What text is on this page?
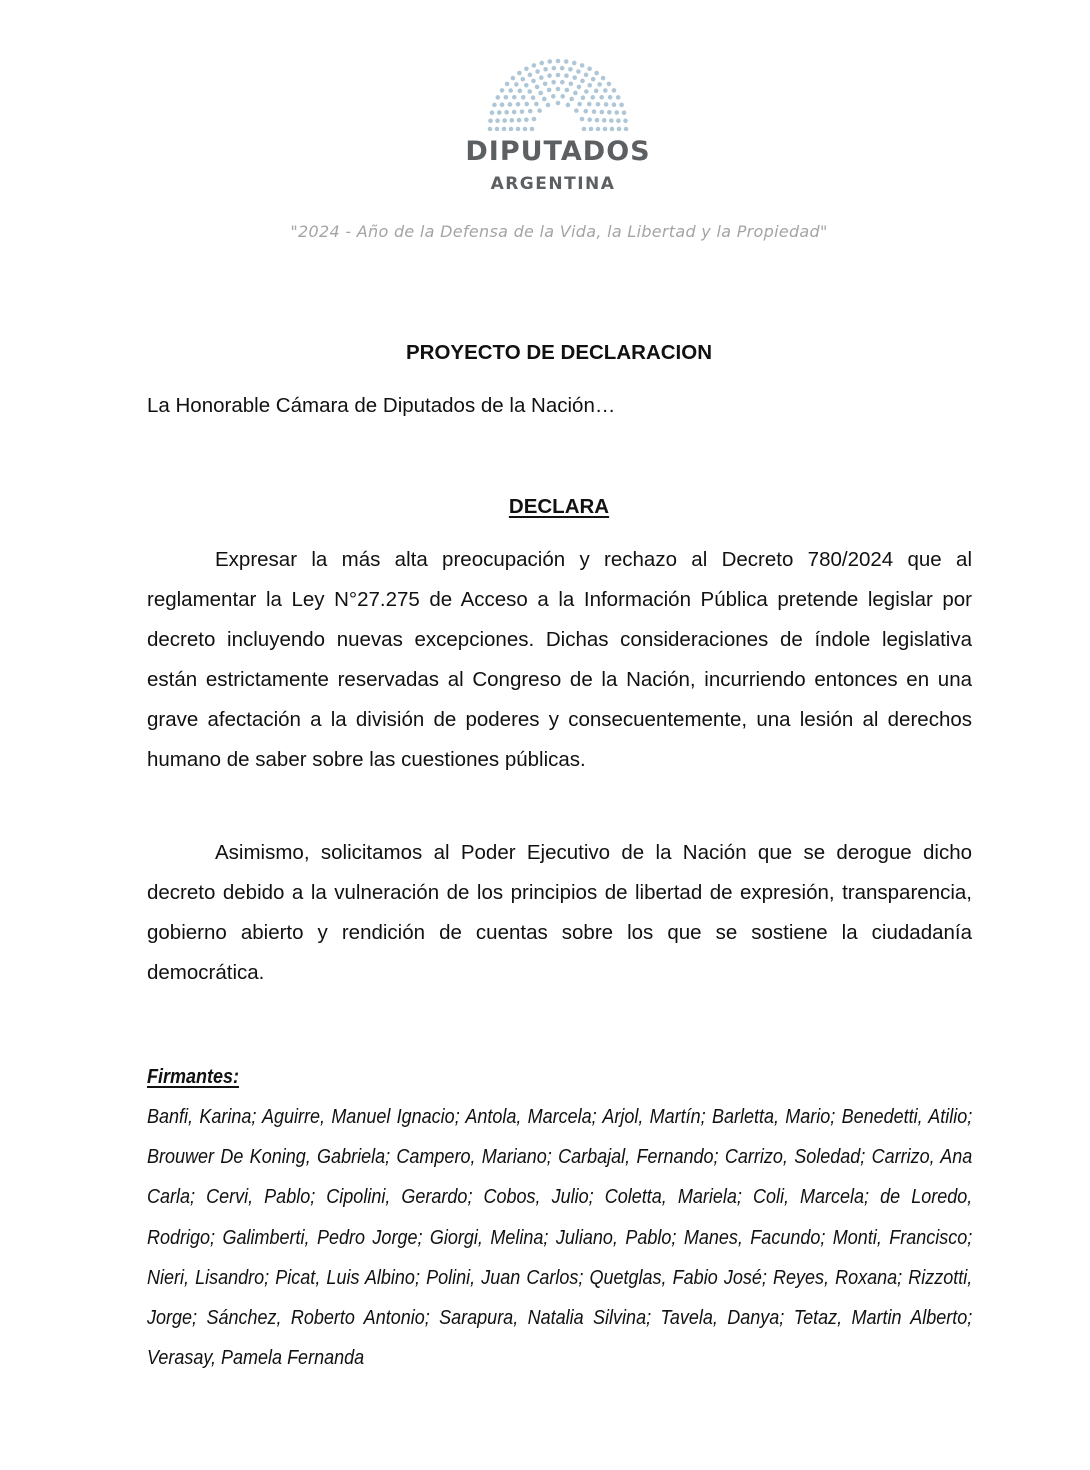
DIPUTADOS
ARGENTINA
"2024 - Año de la Defensa de la Vida, la Libertad y la Propiedad"
PROYECTO DE DECLARACION
La Honorable Cámara de Diputados de la Nación…
DECLARA

Expresar la más alta preocupación y rechazo al Decreto 780/2024 que al reglamentar la Ley N°27.275 de Acceso a la Información Pública pretende legislar por decreto incluyendo nuevas excepciones. Dichas consideraciones de índole legislativa están estrictamente reservadas al Congreso de la Nación, incurriendo entonces en una grave afectación a la división de poderes y consecuentemente, una lesión al derechos humano de saber sobre las cuestiones públicas.

Asimismo, solicitamos al Poder Ejecutivo de la Nación que se derogue dicho decreto debido a la vulneración de los principios de libertad de expresión, transparencia, gobierno abierto y rendición de cuentas sobre los que se sostiene la ciudadanía democrática.

Firmantes:

Banfi, Karina; Aguirre, Manuel Ignacio; Antola, Marcela; Arjol, Martín; Barletta, Mario; Benedetti, Atilio; Brouwer De Koning, Gabriela; Campero, Mariano; Carbajal, Fernando; Carrizo, Soledad; Carrizo, Ana Carla; Cervi, Pablo; Cipolini, Gerardo; Cobos, Julio; Coletta, Mariela; Coli, Marcela; de Loredo, Rodrigo; Galimberti, Pedro Jorge; Giorgi, Melina; Juliano, Pablo; Manes, Facundo; Monti, Francisco; Nieri, Lisandro; Picat, Luis Albino; Polini, Juan Carlos; Quetglas, Fabio José; Reyes, Roxana; Rizzotti, Jorge; Sánchez, Roberto Antonio; Sarapura, Natalia Silvina; Tavela, Danya; Tetaz, Martin Alberto; Verasay, Pamela Fernanda
